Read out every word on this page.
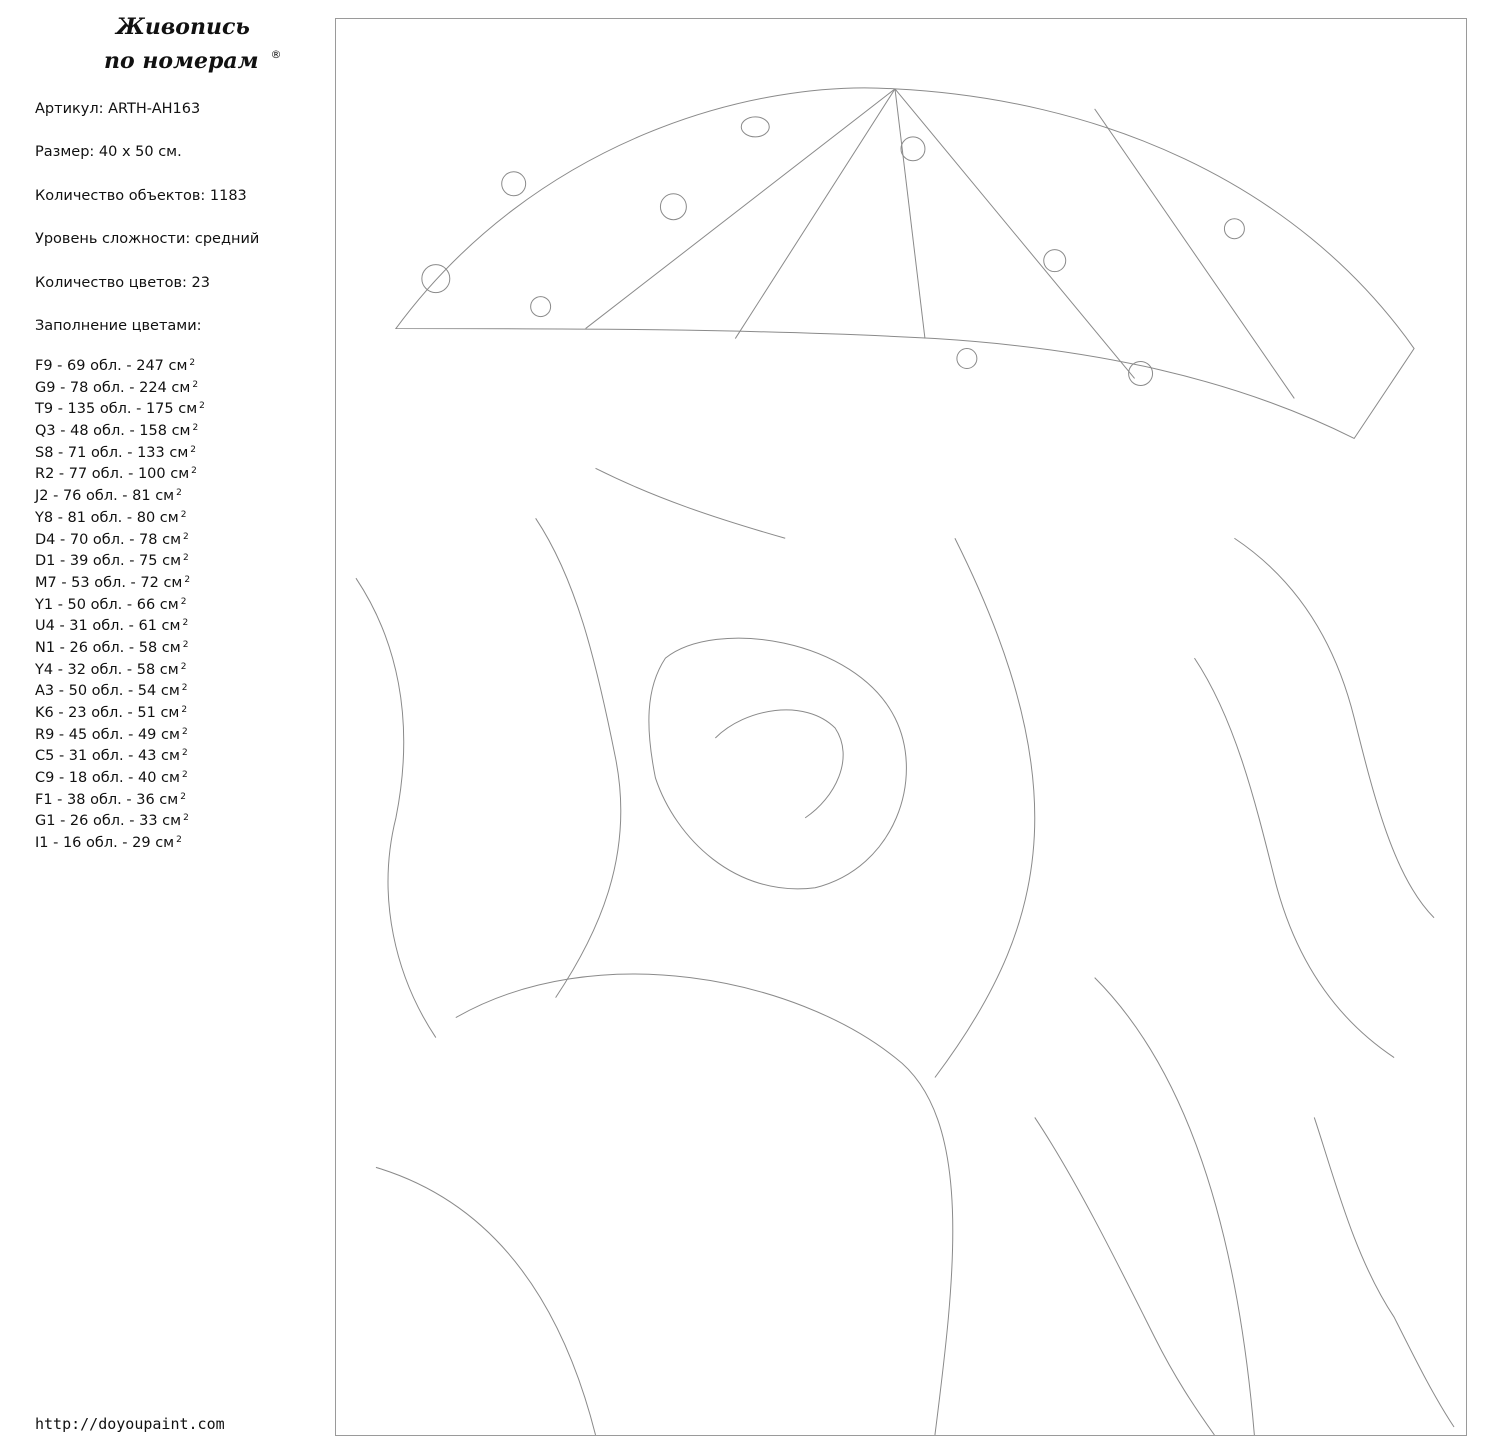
Живопись
по номерам ®
Артикул: ARTH-AH163
Размер: 40 х 50 см.
Количество объектов: 1183
Уровень сложности: средний
Количество цветов: 23
Заполнение цветами:
F9 - 69 обл. - 247 см $^2$
G9 - 78 обл. - 224 см $^2$
T9 - 135 обл. - 175 см $^2$
Q3 - 48 обл. - 158 см $^2$
S8 - 71 обл. - 133 см $^2$
R2 - 77 обл. - 100 см $^2$
J2 - 76 обл. - 81 см $^2$
Y8 - 81 обл. - 80 см $^2$
D4 - 70 обл. - 78 см $^2$
D1 - 39 обл. - 75 см $^2$
M7 - 53 обл. - 72 см $^2$
Y1 - 50 обл. - 66 см $^2$
U4 - 31 обл. - 61 см $^2$
N1 - 26 обл. - 58 см $^2$
Y4 - 32 обл. - 58 см $^2$
A3 - 50 обл. - 54 см $^2$
K6 - 23 обл. - 51 см $^2$
R9 - 45 обл. - 49 см $^2$
C5 - 31 обл. - 43 см $^2$
C9 - 18 обл. - 40 см $^2$
F1 - 38 обл. - 36 см $^2$
G1 - 26 обл. - 33 см $^2$
I1 - 16 обл. - 29 см $^2$
http://doyoupaint.com
